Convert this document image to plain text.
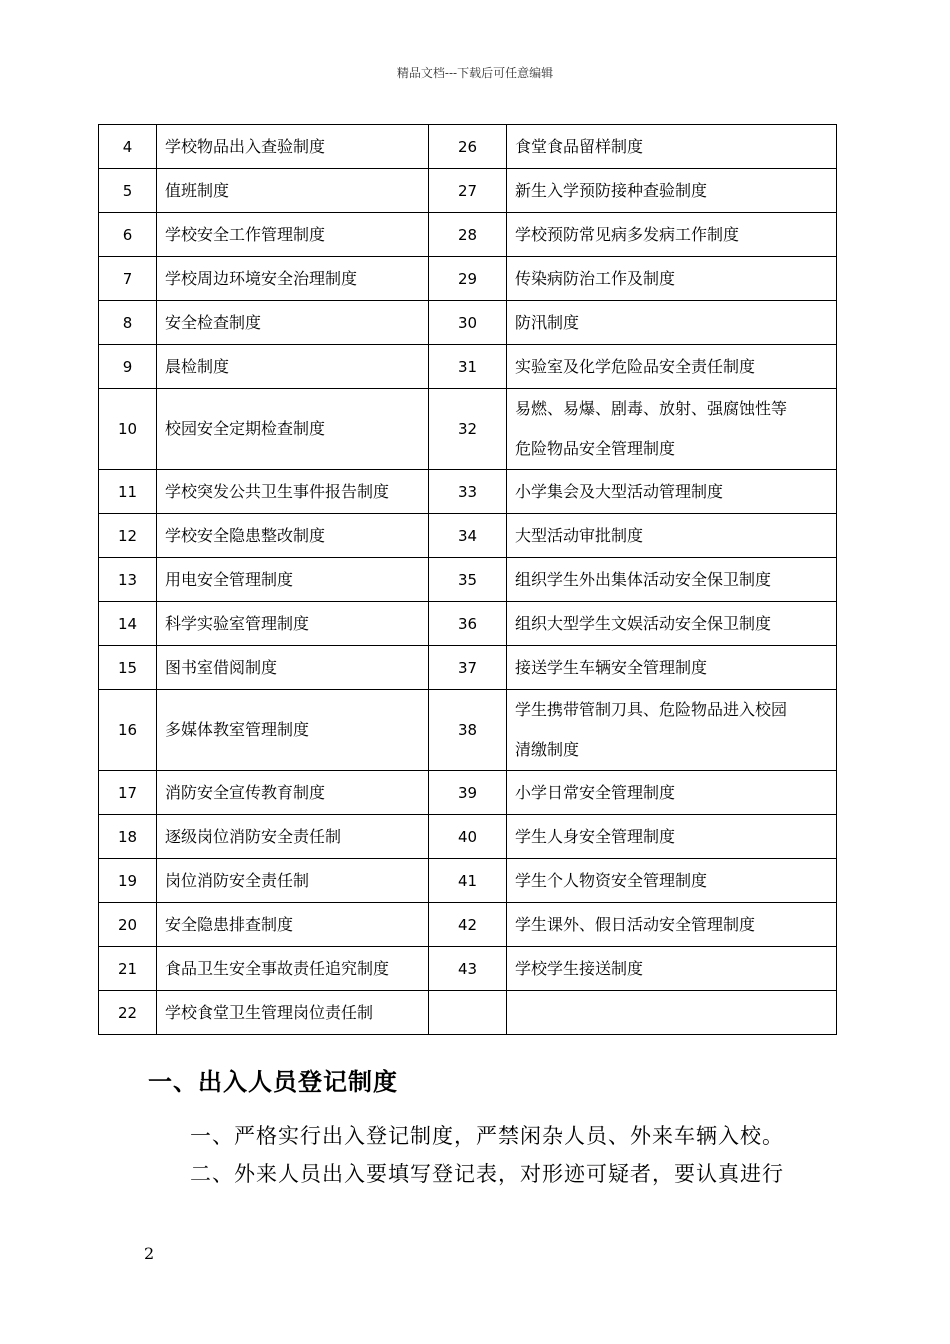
精品文档---下载后可任意编辑
4	学校物品出入查验制度	26	食堂食品留样制度
5	值班制度	27	新生入学预防接种查验制度
6	学校安全工作管理制度	28	学校预防常见病多发病工作制度
7	学校周边环境安全治理制度	29	传染病防治工作及制度
8	安全检查制度	30	防汛制度
9	晨检制度	31	实验室及化学危险品安全责任制度
10	校园安全定期检查制度	32	易燃、易爆、剧毒、放射、强腐蚀性等
危险物品安全管理制度

11	学校突发公共卫生事件报告制度	33	小学集会及大型活动管理制度
12	学校安全隐患整改制度	34	大型活动审批制度
13	用电安全管理制度	35	组织学生外出集体活动安全保卫制度
14	科学实验室管理制度	36	组织大型学生文娱活动安全保卫制度
15	图书室借阅制度	37	接送学生车辆安全管理制度
16	多媒体教室管理制度	38	学生携带管制刀具、危险物品进入校园
清缴制度

17	消防安全宣传教育制度	39	小学日常安全管理制度
18	逐级岗位消防安全责任制	40	学生人身安全管理制度
19	岗位消防安全责任制	41	学生个人物资安全管理制度
20	安全隐患排查制度	42	学生课外、假日活动安全管理制度
21	食品卫生安全事故责任追究制度	43	学校学生接送制度
22	学校食堂卫生管理岗位责任制		
一、出入人员登记制度
一、严格实行出入登记制度，严禁闲杂人员、外来车辆入校。
二、外来人员出入要填写登记表，对形迹可疑者，要认真进行
2
